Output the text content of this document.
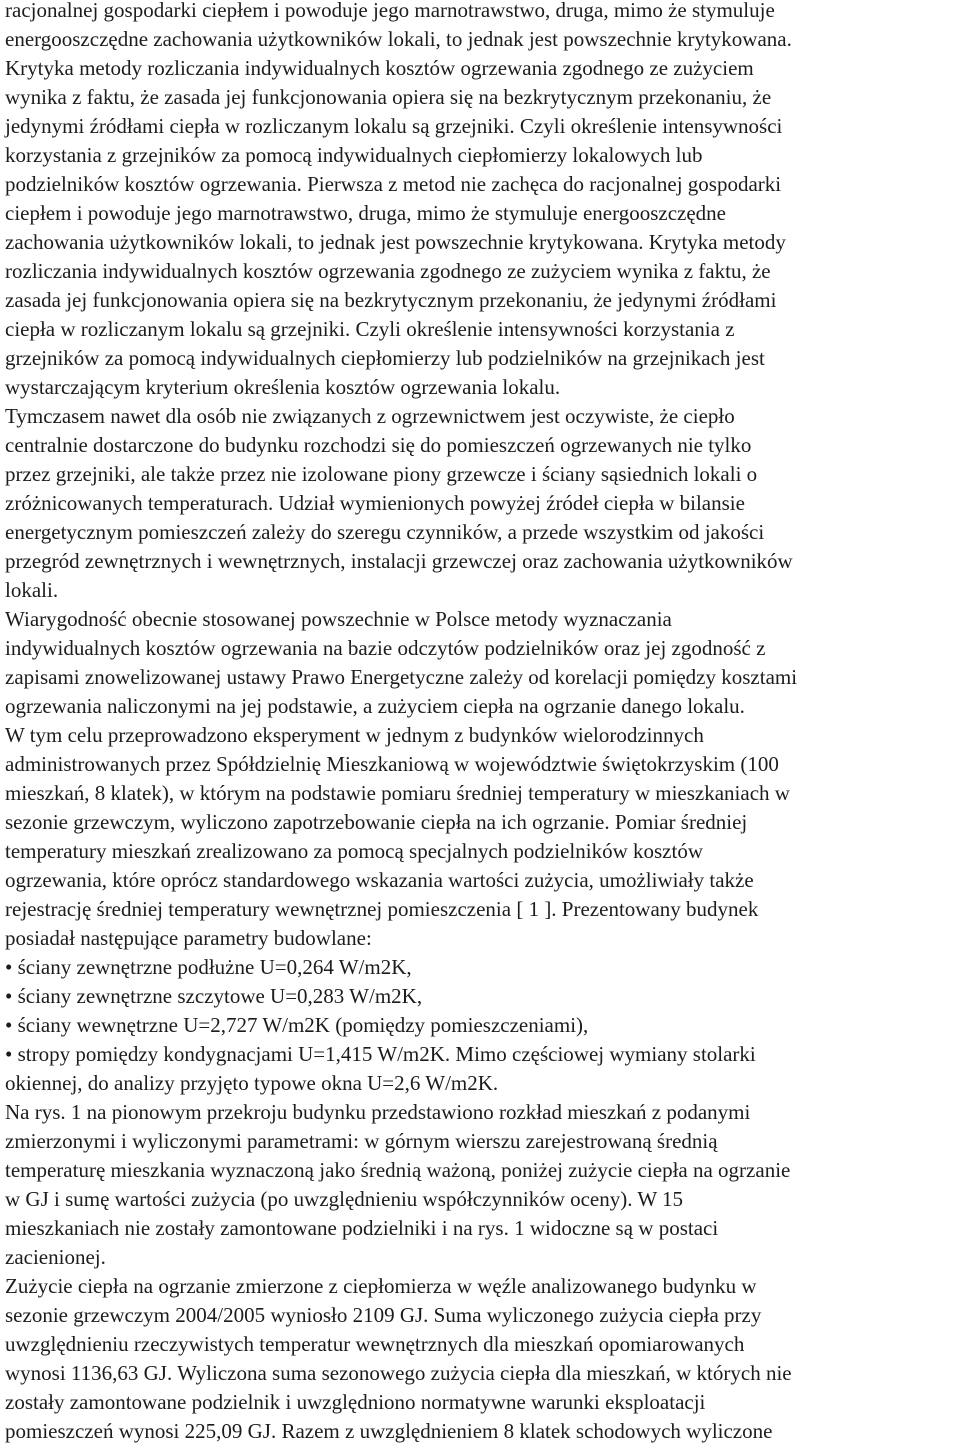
racjonalnej gospodarki ciepłem i powoduje jego marnotrawstwo, druga, mimo że stymuluje
energooszczędne zachowania użytkowników lokali, to jednak jest powszechnie krytykowana.
Krytyka metody rozliczania indywidualnych kosztów ogrzewania zgodnego ze zużyciem
wynika z faktu, że zasada jej funkcjonowania opiera się na bezkrytycznym przekonaniu, że
jedynymi źródłami ciepła w rozliczanym lokalu są grzejniki. Czyli określenie intensywności
korzystania z grzejników za pomocą indywidualnych ciepłomierzy lokalowych lub
podzielników kosztów ogrzewania. Pierwsza z metod nie zachęca do racjonalnej gospodarki
ciepłem i powoduje jego marnotrawstwo, druga, mimo że stymuluje energooszczędne
zachowania użytkowników lokali, to jednak jest powszechnie krytykowana. Krytyka metody
rozliczania indywidualnych kosztów ogrzewania zgodnego ze zużyciem wynika z faktu, że
zasada jej funkcjonowania opiera się na bezkrytycznym przekonaniu, że jedynymi źródłami
ciepła w rozliczanym lokalu są grzejniki. Czyli określenie intensywności korzystania z
grzejników za pomocą indywidualnych ciepłomierzy lub podzielników na grzejnikach jest
wystarczającym kryterium określenia kosztów ogrzewania lokalu.
Tymczasem nawet dla osób nie związanych z ogrzewnictwem jest oczywiste, że ciepło
centralnie dostarczone do budynku rozchodzi się do pomieszczeń ogrzewanych nie tylko
przez grzejniki, ale także przez nie izolowane piony grzewcze i ściany sąsiednich lokali o
zróżnicowanych temperaturach. Udział wymienionych powyżej źródeł ciepła w bilansie
energetycznym pomieszczeń zależy do szeregu czynników, a przede wszystkim od jakości
przegród zewnętrznych i wewnętrznych, instalacji grzewczej oraz zachowania użytkowników
lokali.
Wiarygodność obecnie stosowanej powszechnie w Polsce metody wyznaczania
indywidualnych kosztów ogrzewania na bazie odczytów podzielników oraz jej zgodność z
zapisami znowelizowanej ustawy Prawo Energetyczne zależy od korelacji pomiędzy kosztami
ogrzewania naliczonymi na jej podstawie, a zużyciem ciepła na ogrzanie danego lokalu.
W tym celu przeprowadzono eksperyment w jednym z budynków wielorodzinnych
administrowanych przez Spółdzielnię Mieszkaniową w województwie świętokrzyskim (100
mieszkań, 8 klatek), w którym na podstawie pomiaru średniej temperatury w mieszkaniach w
sezonie grzewczym, wyliczono zapotrzebowanie ciepła na ich ogrzanie. Pomiar średniej
temperatury mieszkań zrealizowano za pomocą specjalnych podzielników kosztów
ogrzewania, które oprócz standardowego wskazania wartości zużycia, umożliwiały także
rejestrację średniej temperatury wewnętrznej pomieszczenia [ 1 ]. Prezentowany budynek
posiadał następujące parametry budowlane:
• ściany zewnętrzne podłużne U=0,264 W/m2K,
• ściany zewnętrzne szczytowe U=0,283 W/m2K,
• ściany wewnętrzne U=2,727 W/m2K (pomiędzy pomieszczeniami),
• stropy pomiędzy kondygnacjami U=1,415 W/m2K. Mimo częściowej wymiany stolarki
okiennej, do analizy przyjęto typowe okna U=2,6 W/m2K.
Na rys. 1 na pionowym przekroju budynku przedstawiono rozkład mieszkań z podanymi
zmierzonymi i wyliczonymi parametrami: w górnym wierszu zarejestrowaną średnią
temperaturę mieszkania wyznaczoną jako średnią ważoną, poniżej zużycie ciepła na ogrzanie
w GJ i sumę wartości zużycia (po uwzględnieniu współczynników oceny). W 15
mieszkaniach nie zostały zamontowane podzielniki i na rys. 1 widoczne są w postaci
zacienionej.
Zużycie ciepła na ogrzanie zmierzone z ciepłomierza w węźle analizowanego budynku w
sezonie grzewczym 2004/2005 wyniosło 2109 GJ. Suma wyliczonego zużycia ciepła przy
uwzględnieniu rzeczywistych temperatur wewnętrznych dla mieszkań opomiarowanych
wynosi 1136,63 GJ. Wyliczona suma sezonowego zużycia ciepła dla mieszkań, w których nie
zostały zamontowane podzielnik i uwzględniono normatywne warunki eksploatacji
pomieszczeń wynosi 225,09 GJ. Razem z uwzględnieniem 8 klatek schodowych wyliczone
